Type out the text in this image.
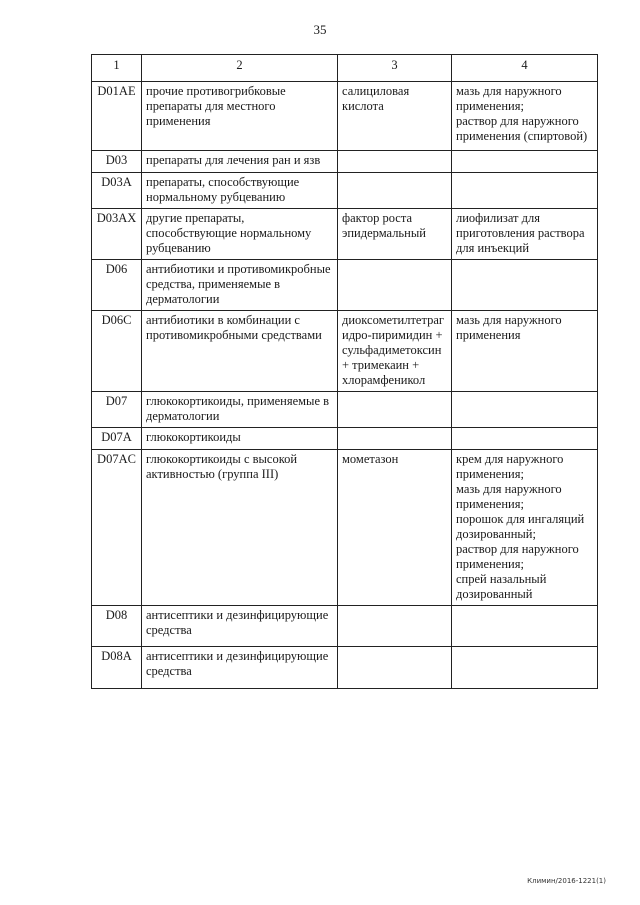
35
1	2	3	4

D01AE	прочие противогрибковые препараты для местного применения	салициловая кислота	мазь для наружного применения;
раствор для наружного применения (спиртовой)

D03	препараты для лечения ран и язв		

D03A	препараты, способствующие нормальному рубцеванию		

D03AX	другие препараты, способствующие нормальному рубцеванию	фактор роста эпидермальный	лиофилизат для приготовления раствора для инъекций

D06	антибиотики и противомикробные средства, применяемые в дерматологии		

D06C	антибиотики в комбинации с противомикробными средствами	диоксометилтетраг идро-пиримидин + сульфадиметоксин + тримекаин + хлорамфеникол	мазь для наружного применения

D07	глюкокортикоиды, применяемые в дерматологии		

D07A	глюкокортикоиды		

D07AC	глюкокортикоиды с высокой активностью (группа III)	мометазон	крем для наружного применения;
мазь для наружного применения;
порошок для ингаляций дозированный;
раствор для наружного применения;
спрей назальный дозированный

D08	антисептики и дезинфицирующие средства		

D08A	антисептики и дезинфицирующие средства		

Климин/2016-1221(1)
